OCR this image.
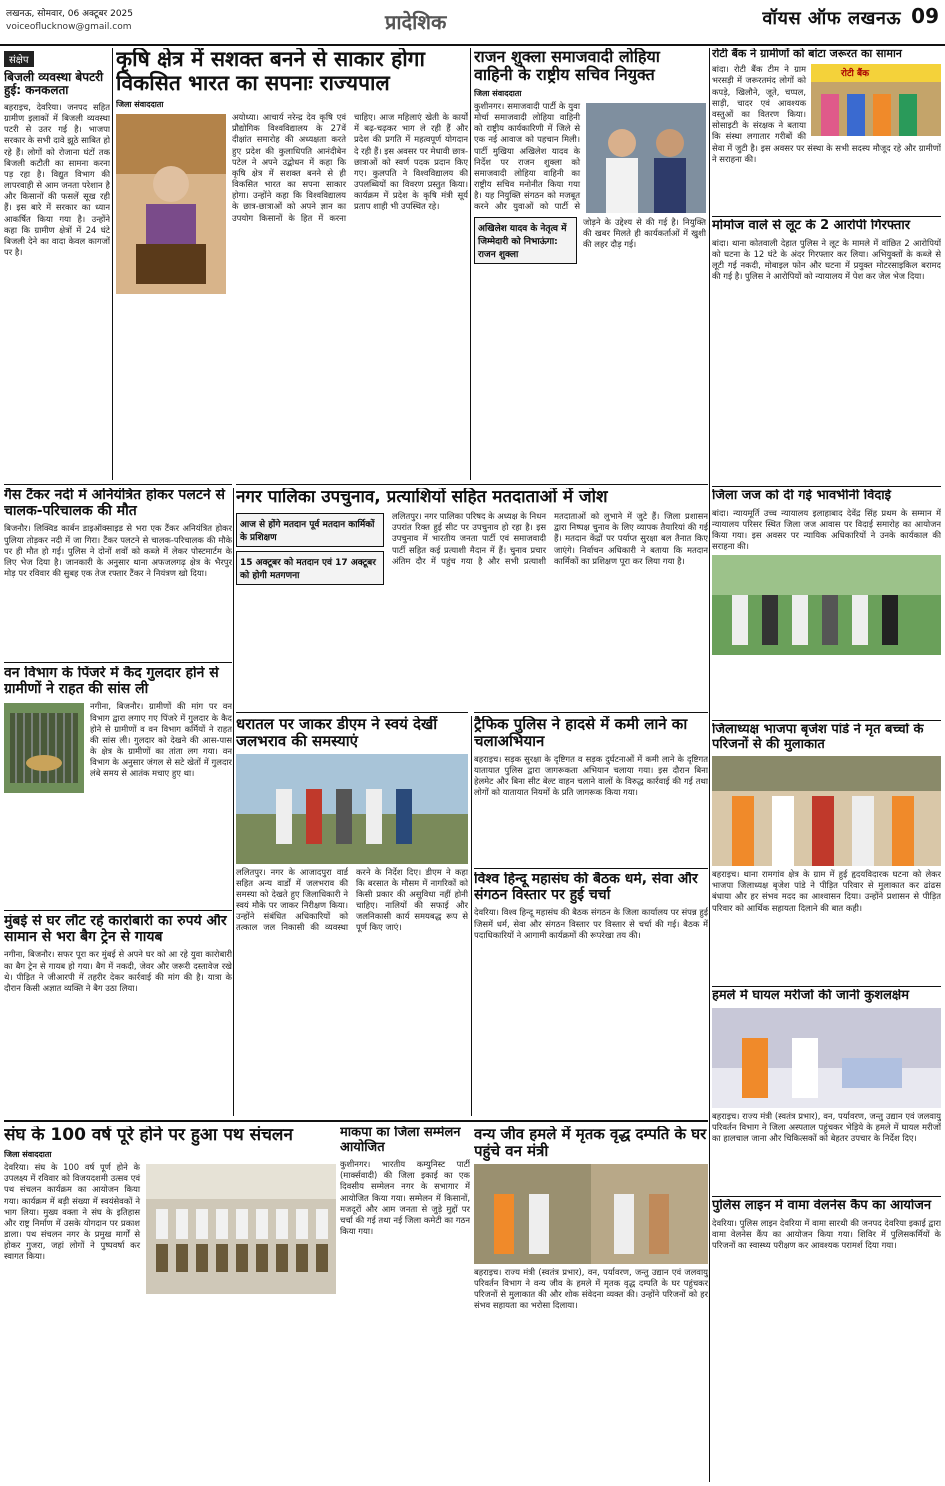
लखनऊ, सोमवार, 06 अक्टूबर 2025
voiceoflucknow@gmail.com	प्रादेशिक	वॉयस ऑफ लखनऊ 09
संक्षेप
बिजली व्यवस्था बेपटरी हुई: कनकलता

बहराइच, देवरिया। जनपद सहित ग्रामीण इलाकों में बिजली व्यवस्था पटरी से उतर गई है। भाजपा सरकार के सभी दावे झूठे साबित हो रहे हैं। लोगों को रोजाना घंटों तक बिजली कटौती का सामना करना पड़ रहा है। विद्युत विभाग की लापरवाही से आम जनता परेशान है और किसानों की फसलें सूख रही हैं। इस बारे में सरकार का ध्यान आकर्षित किया गया है। उन्होंने कहा कि ग्रामीण क्षेत्रों में 24 घंटे बिजली देने का वादा केवल कागजों पर है।

गैस टैंकर नदी में अनियंत्रित होकर पलटने से चालक-परिचालक की मौत

बिजनौर। लिक्विड कार्बन डाइऑक्साइड से भरा एक टैंकर अनियंत्रित होकर पुलिया तोड़कर नदी में जा गिरा। टैंकर पलटने से चालक-परिचालक की मौके पर ही मौत हो गई। पुलिस ने दोनों शवों को कब्जे में लेकर पोस्टमार्टम के लिए भेज दिया है। जानकारी के अनुसार थाना अफजलगढ़ क्षेत्र के भैरपुर मोड़ पर रविवार की सुबह एक तेज रफ्तार टैंकर ने नियंत्रण खो दिया।

वन विभाग के पिंजरे में कैद गुलदार होने से ग्रामीणों ने राहत की सांस ली

नगीना, बिजनौर। ग्रामीणों की मांग पर वन विभाग द्वारा लगाए गए पिंजरे में गुलदार के कैद होने से ग्रामीणों व वन विभाग कर्मियों ने राहत की सांस ली। गुलदार को देखने की आस-पास के क्षेत्र के ग्रामीणों का तांता लग गया। वन विभाग के अनुसार जंगल से सटे खेतों में गुलदार लंबे समय से आतंक मचाए हुए था।

मुंबई से घर लौट रहे कारोबारी का रुपये और सामान से भरा बैग ट्रेन से गायब

नगीना, बिजनौर। सफर पूरा कर मुंबई से अपने घर को आ रहे युवा कारोबारी का बैग ट्रेन से गायब हो गया। बैग में नकदी, जेवर और जरूरी दस्तावेज रखे थे। पीड़ित ने जीआरपी में तहरीर देकर कार्रवाई की मांग की है। यात्रा के दौरान किसी अज्ञात व्यक्ति ने बैग उठा लिया।

कृषि क्षेत्र में सशक्त बनने से साकार होगा
विकसित भारत का सपनाः राज्यपाल
जिला संवाददाता

अयोध्या। आचार्य नरेन्द्र देव कृषि एवं प्रौद्योगिक विश्वविद्यालय के 27वें दीक्षांत समारोह की अध्यक्षता करते हुए प्रदेश की कुलाधिपति आनंदीबेन पटेल ने अपने उद्बोधन में कहा कि कृषि क्षेत्र में सशक्त बनने से ही विकसित भारत का सपना साकार होगा। उन्होंने कहा कि विश्वविद्यालय के छात्र-छात्राओं को अपने ज्ञान का उपयोग किसानों के हित में करना चाहिए। आज महिलाएं खेती के कार्यों में बढ़-चढ़कर भाग ले रही हैं और प्रदेश की प्रगति में महत्वपूर्ण योगदान दे रही हैं। इस अवसर पर मेधावी छात्र-छात्राओं को स्वर्ण पदक प्रदान किए गए। कुलपति ने विश्वविद्यालय की उपलब्धियों का विवरण प्रस्तुत किया। कार्यक्रम में प्रदेश के कृषि मंत्री सूर्य प्रताप शाही भी उपस्थित रहे।

राजन शुक्ला समाजवादी लोहिया
वाहिनी के राष्ट्रीय सचिव नियुक्त
जिला संवाददाता
अखिलेश यादव के नेतृत्व में जिम्मेदारी को निभाऊंगा: राजन शुक्ला

कुशीनगर। समाजवादी पार्टी के युवा मोर्चा समाजवादी लोहिया वाहिनी को राष्ट्रीय कार्यकारिणी में जिले से एक नई आवाज को पहचान मिली। पार्टी मुखिया अखिलेश यादव के निर्देश पर राजन शुक्ला को समाजवादी लोहिया वाहिनी का राष्ट्रीय सचिव मनोनीत किया गया है। यह नियुक्ति संगठन को मजबूत करने और युवाओं को पार्टी से जोड़ने के उद्देश्य से की गई है। नियुक्ति की खबर मिलते ही कार्यकर्ताओं में खुशी की लहर दौड़ गई।

रोटी बैंक ने ग्रामीणों को बांटा जरूरत का सामान
रोटी बैंक

बांदा। रोटी बैंक टीम ने ग्राम भरसड़ी में जरूरतमंद लोगों को कपड़े, खिलौने, जूते, चप्पल, साड़ी, चादर एवं आवश्यक वस्तुओं का वितरण किया। सोसाइटी के संरक्षक ने बताया कि संस्था लगातार गरीबों की सेवा में जुटी है। इस अवसर पर संस्था के सभी सदस्य मौजूद रहे और ग्रामीणों ने सराहना की।

मोमोज वाले से लूट के 2 आरोपी गिरफ्तार

बांदा। थाना कोतवाली देहात पुलिस ने लूट के मामले में वांछित 2 आरोपियों को घटना के 12 घंटे के अंदर गिरफ्तार कर लिया। अभियुक्तों के कब्जे से लूटी गई नकदी, मोबाइल फोन और घटना में प्रयुक्त मोटरसाइकिल बरामद की गई है। पुलिस ने आरोपियों को न्यायालय में पेश कर जेल भेज दिया।

जिला जज को दी गई भावभीनी विदाई

बांदा। न्यायमूर्ति उच्च न्यायालय इलाहाबाद देवेंद्र सिंह प्रथम के सम्मान में न्यायालय परिसर स्थित जिला जज आवास पर विदाई समारोह का आयोजन किया गया। इस अवसर पर न्यायिक अधिकारियों ने उनके कार्यकाल की सराहना की।

जिलाध्यक्ष भाजपा बृजेश पांडे ने मृत बच्चों के परिजनों से की मुलाकात

बहराइच। थाना रामगांव क्षेत्र के ग्राम में हुई हृदयविदारक घटना को लेकर भाजपा जिलाध्यक्ष बृजेश पांडे ने पीड़ित परिवार से मुलाकात कर ढांढस बंधाया और हर संभव मदद का आश्वासन दिया। उन्होंने प्रशासन से पीड़ित परिवार को आर्थिक सहायता दिलाने की बात कही।

हमले में घायल मरीजों की जानी कुशलक्षेम

बहराइच। राज्य मंत्री (स्वतंत्र प्रभार), वन, पर्यावरण, जन्तु उद्यान एवं जलवायु परिवर्तन विभाग ने जिला अस्पताल पहुंचकर भेड़िये के हमले में घायल मरीजों का हालचाल जाना और चिकित्सकों को बेहतर उपचार के निर्देश दिए।

पुलिस लाइन में वामा वेलनेस कैंप का आयोजन

देवरिया। पुलिस लाइन देवरिया में वामा सारथी की जनपद देवरिया इकाई द्वारा वामा वेलनेस कैंप का आयोजन किया गया। शिविर में पुलिसकर्मियों के परिजनों का स्वास्थ्य परीक्षण कर आवश्यक परामर्श दिया गया।

नगर पालिका उपचुनाव, प्रत्याशियों सहित मतदाताओं में जोश
आज से होंगे मतदान पूर्व मतदान कार्मिकों के प्रशिक्षण
15 अक्टूबर को मतदान एवं 17 अक्टूबर को होगी मतगणना

ललितपुर। नगर पालिका परिषद के अध्यक्ष के निधन उपरांत रिक्त हुई सीट पर उपचुनाव हो रहा है। इस उपचुनाव में भारतीय जनता पार्टी एवं समाजवादी पार्टी सहित कई प्रत्याशी मैदान में हैं। चुनाव प्रचार अंतिम दौर में पहुंच गया है और सभी प्रत्याशी मतदाताओं को लुभाने में जुटे हैं। जिला प्रशासन द्वारा निष्पक्ष चुनाव के लिए व्यापक तैयारियां की गई हैं। मतदान केंद्रों पर पर्याप्त सुरक्षा बल तैनात किए जाएंगे। निर्वाचन अधिकारी ने बताया कि मतदान कार्मिकों का प्रशिक्षण पूरा कर लिया गया है।

धरातल पर जाकर डीएम ने स्वयं देखीं जलभराव की समस्याएं

ललितपुर। नगर के आजादपुरा वार्ड सहित अन्य वार्डों में जलभराव की समस्या को देखते हुए जिलाधिकारी ने स्वयं मौके पर जाकर निरीक्षण किया। उन्होंने संबंधित अधिकारियों को तत्काल जल निकासी की व्यवस्था करने के निर्देश दिए। डीएम ने कहा कि बरसात के मौसम में नागरिकों को किसी प्रकार की असुविधा नहीं होनी चाहिए। नालियों की सफाई और जलनिकासी कार्य समयबद्ध रूप से पूर्ण किए जाएं।

ट्रैफिक पुलिस ने हादसे में कमी लाने का चलाअभियान

बहराइच। सड़क सुरक्षा के दृष्टिगत व सड़क दुर्घटनाओं में कमी लाने के दृष्टिगत यातायात पुलिस द्वारा जागरूकता अभियान चलाया गया। इस दौरान बिना हेलमेट और बिना सीट बेल्ट वाहन चलाने वालों के विरुद्ध कार्रवाई की गई तथा लोगों को यातायात नियमों के प्रति जागरूक किया गया।

विश्व हिन्दू महासंघ की बैठक धर्म, सेवा और संगठन विस्तार पर हुई चर्चा

देवरिया। विश्व हिन्दू महासंघ की बैठक संगठन के जिला कार्यालय पर संपन्न हुई जिसमें धर्म, सेवा और संगठन विस्तार पर विस्तार से चर्चा की गई। बैठक में पदाधिकारियों ने आगामी कार्यक्रमों की रूपरेखा तय की।

संघ के 100 वर्ष पूरे होने पर हुआ पथ संचलन
जिला संवाददाता

देवरिया। संघ के 100 वर्ष पूर्ण होने के उपलक्ष्य में रविवार को विजयदशमी उत्सव एवं पथ संचलन कार्यक्रम का आयोजन किया गया। कार्यक्रम में बड़ी संख्या में स्वयंसेवकों ने भाग लिया। मुख्य वक्ता ने संघ के इतिहास और राष्ट्र निर्माण में उसके योगदान पर प्रकाश डाला। पथ संचलन नगर के प्रमुख मार्गों से होकर गुजरा, जहां लोगों ने पुष्पवर्षा कर स्वागत किया।

माकपा का जिला सम्मेलन आयोजित

कुशीनगर। भारतीय कम्युनिस्ट पार्टी (मार्क्सवादी) की जिला इकाई का एक दिवसीय सम्मेलन नगर के सभागार में आयोजित किया गया। सम्मेलन में किसानों, मजदूरों और आम जनता से जुड़े मुद्दों पर चर्चा की गई तथा नई जिला कमेटी का गठन किया गया।

वन्य जीव हमले में मृतक वृद्ध दम्पति के घर पहुंचे वन मंत्री

बहराइच। राज्य मंत्री (स्वतंत्र प्रभार), वन, पर्यावरण, जन्तु उद्यान एवं जलवायु परिवर्तन विभाग ने वन्य जीव के हमले में मृतक वृद्ध दम्पति के घर पहुंचकर परिजनों से मुलाकात की और शोक संवेदना व्यक्त की। उन्होंने परिजनों को हर संभव सहायता का भरोसा दिलाया।
